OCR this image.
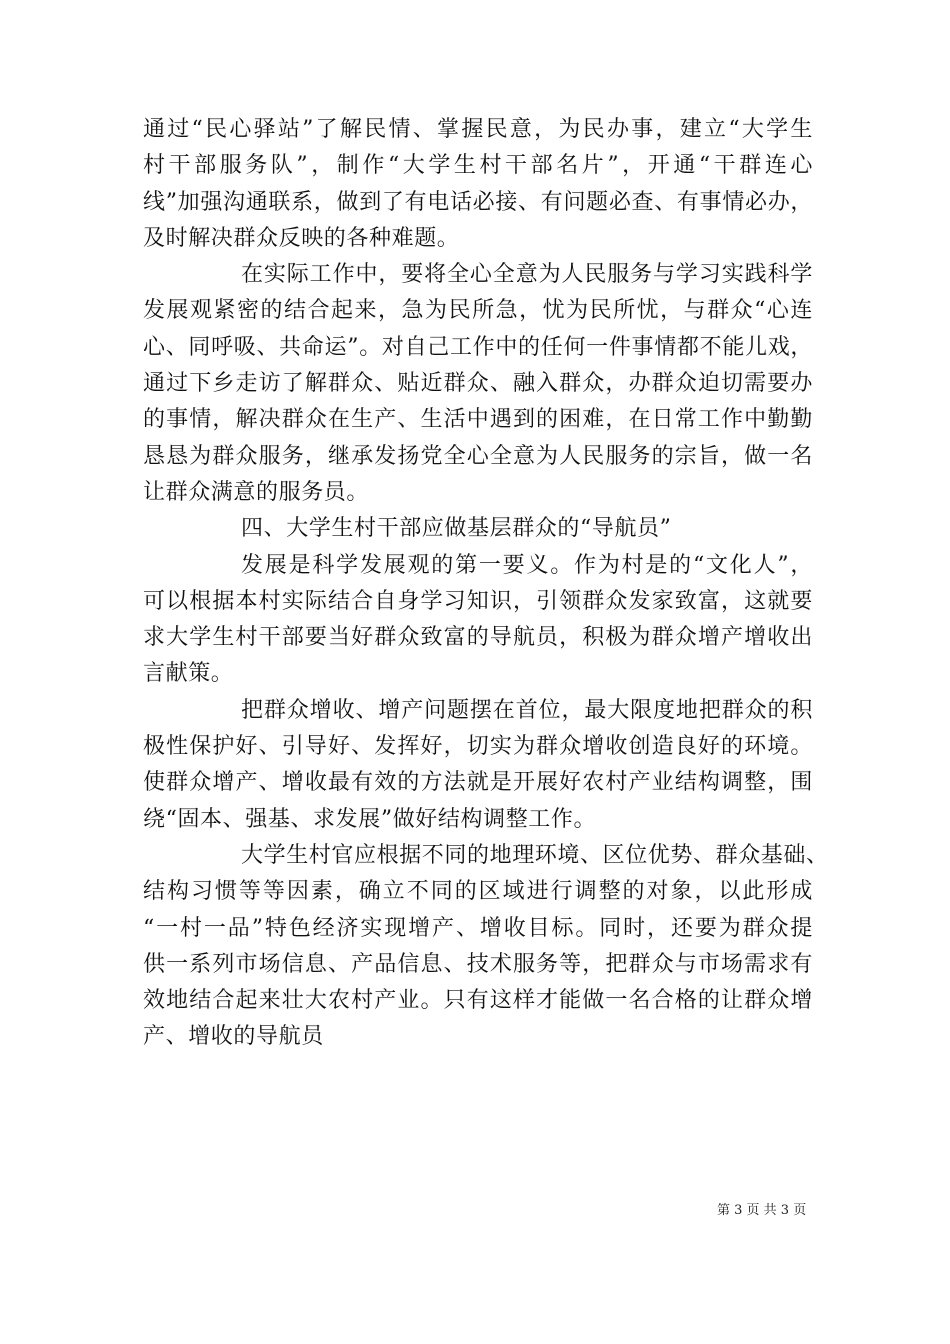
通过“民心驿站”了解民情、掌握民意，为民办事，建立“大学生
村干部服务队”，制作“大学生村干部名片”，开通“干群连心
线”加强沟通联系，做到了有电话必接、有问题必查、有事情必办，
及时解决群众反映的各种难题。
在实际工作中，要将全心全意为人民服务与学习实践科学
发展观紧密的结合起来，急为民所急，忧为民所忧，与群众“心连
心、同呼吸、共命运”。对自己工作中的任何一件事情都不能儿戏，
通过下乡走访了解群众、贴近群众、融入群众，办群众迫切需要办
的事情，解决群众在生产、生活中遇到的困难，在日常工作中勤勤
恳恳为群众服务，继承发扬党全心全意为人民服务的宗旨，做一名
让群众满意的服务员。
四、大学生村干部应做基层群众的“导航员”
发展是科学发展观的第一要义。作为村是的“文化人”，
可以根据本村实际结合自身学习知识，引领群众发家致富，这就要
求大学生村干部要当好群众致富的导航员，积极为群众增产增收出
言献策。
把群众增收、增产问题摆在首位，最大限度地把群众的积
极性保护好、引导好、发挥好，切实为群众增收创造良好的环境。
使群众增产、增收最有效的方法就是开展好农村产业结构调整，围
绕“固本、强基、求发展”做好结构调整工作。
大学生村官应根据不同的地理环境、区位优势、群众基础、
结构习惯等等因素，确立不同的区域进行调整的对象，以此形成
“一村一品”特色经济实现增产、增收目标。同时，还要为群众提
供一系列市场信息、产品信息、技术服务等，把群众与市场需求有
效地结合起来壮大农村产业。只有这样才能做一名合格的让群众增
产、增收的导航员
第 3 页 共 3 页
